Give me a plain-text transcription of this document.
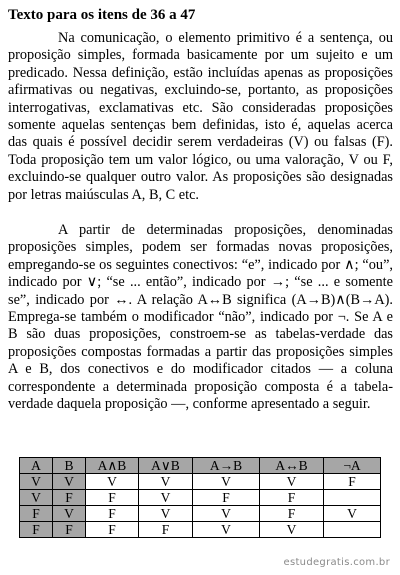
Texto para os itens de 36 a 47

Na comunicação, o elemento primitivo é a sentença, ou proposição simples, formada basicamente por um sujeito e um predicado. Nessa definição, estão incluídas apenas as proposições afirmativas ou negativas, excluindo-se, portanto, as proposições interrogativas, exclamativas etc. São consideradas proposições somente aquelas sentenças bem definidas, isto é, aquelas acerca das quais é possível decidir serem verdadeiras (V) ou falsas (F). Toda proposição tem um valor lógico, ou uma valoração, V ou F, excluindo-se qualquer outro valor. As proposições são designadas por letras maiúsculas A, B, C etc.

A partir de determinadas proposições, denominadas proposições simples, podem ser formadas novas proposições, empregando-se os seguintes conectivos: “e”, indicado por ∧; “ou”, indicado por ∨; “se ... então”, indicado por →; “se ... e somente se”, indicado por ↔. A relação A↔B significa (A→B)∧(B→A). Emprega-se também o modificador “não”, indicado por ¬. Se A e B são duas proposições, constroem-se as tabelas-verdade das proposições compostas formadas a partir das proposições simples A e B, dos conectivos e do modificador citados — a coluna correspondente a determinada proposição composta é a tabela-verdade daquela proposição —, conforme apresentado a seguir.

A	B	A∧B	A∨B	A→B	A↔B	¬A
V	V	V	V	V	V	F
V	F	F	V	F	F	
F	V	F	V	V	F	V
F	F	F	F	V	V	
estudegratis.com.br
